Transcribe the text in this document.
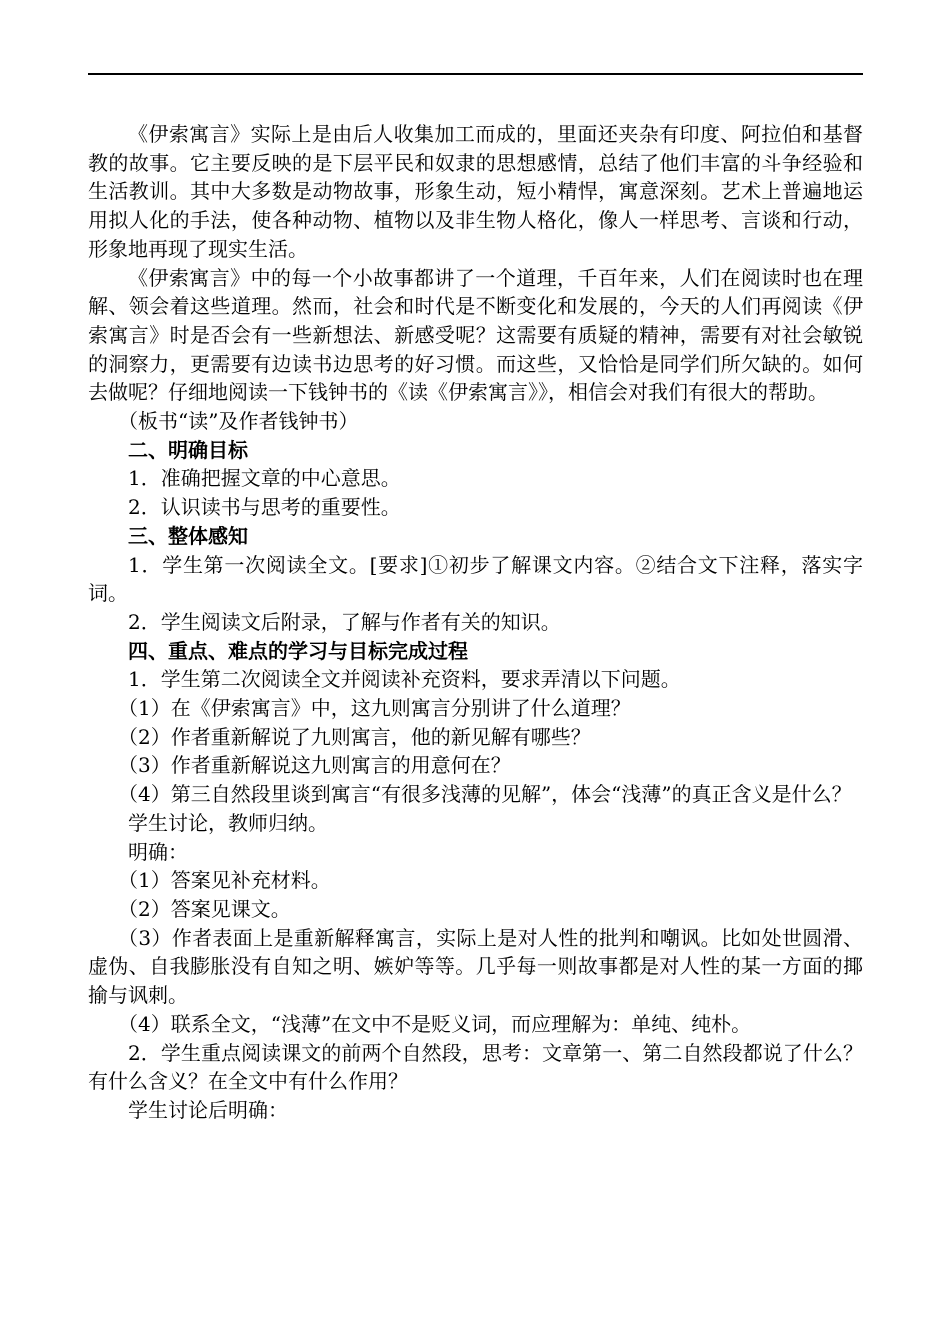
《伊索寓言》实际上是由后人收集加工而成的，里面还夹杂有印度、阿拉伯和基督教的故事。它主要反映的是下层平民和奴隶的思想感情，总结了他们丰富的斗争经验和生活教训。其中大多数是动物故事，形象生动，短小精悍，寓意深刻。艺术上普遍地运用拟人化的手法，使各种动物、植物以及非生物人格化，像人一样思考、言谈和行动，形象地再现了现实生活。

《伊索寓言》中的每一个小故事都讲了一个道理，千百年来，人们在阅读时也在理解、领会着这些道理。然而，社会和时代是不断变化和发展的，今天的人们再阅读《伊索寓言》时是否会有一些新想法、新感受呢？这需要有质疑的精神，需要有对社会敏锐的洞察力，更需要有边读书边思考的好习惯。而这些，又恰恰是同学们所欠缺的。如何去做呢？仔细地阅读一下钱钟书的《读《伊索寓言》》，相信会对我们有很大的帮助。

（板书“读”及作者钱钟书）

二、明确目标

1．准确把握文章的中心意思。

2．认识读书与思考的重要性。

三、整体感知

1．学生第一次阅读全文。[要求]①初步了解课文内容。②结合文下注释，落实字词。

2．学生阅读文后附录，了解与作者有关的知识。

四、重点、难点的学习与目标完成过程

1．学生第二次阅读全文并阅读补充资料，要求弄清以下问题。

（1）在《伊索寓言》中，这九则寓言分别讲了什么道理？

（2）作者重新解说了九则寓言，他的新见解有哪些？

（3）作者重新解说这九则寓言的用意何在？

（4）第三自然段里谈到寓言“有很多浅薄的见解”，体会“浅薄”的真正含义是什么？

学生讨论，教师归纳。

明确：

（1）答案见补充材料。

（2）答案见课文。

（3）作者表面上是重新解释寓言，实际上是对人性的批判和嘲讽。比如处世圆滑、虚伪、自我膨胀没有自知之明、嫉妒等等。几乎每一则故事都是对人性的某一方面的揶揄与讽刺。

（4）联系全文，“浅薄”在文中不是贬义词，而应理解为：单纯、纯朴。

2．学生重点阅读课文的前两个自然段，思考：文章第一、第二自然段都说了什么？有什么含义？在全文中有什么作用？

学生讨论后明确：
